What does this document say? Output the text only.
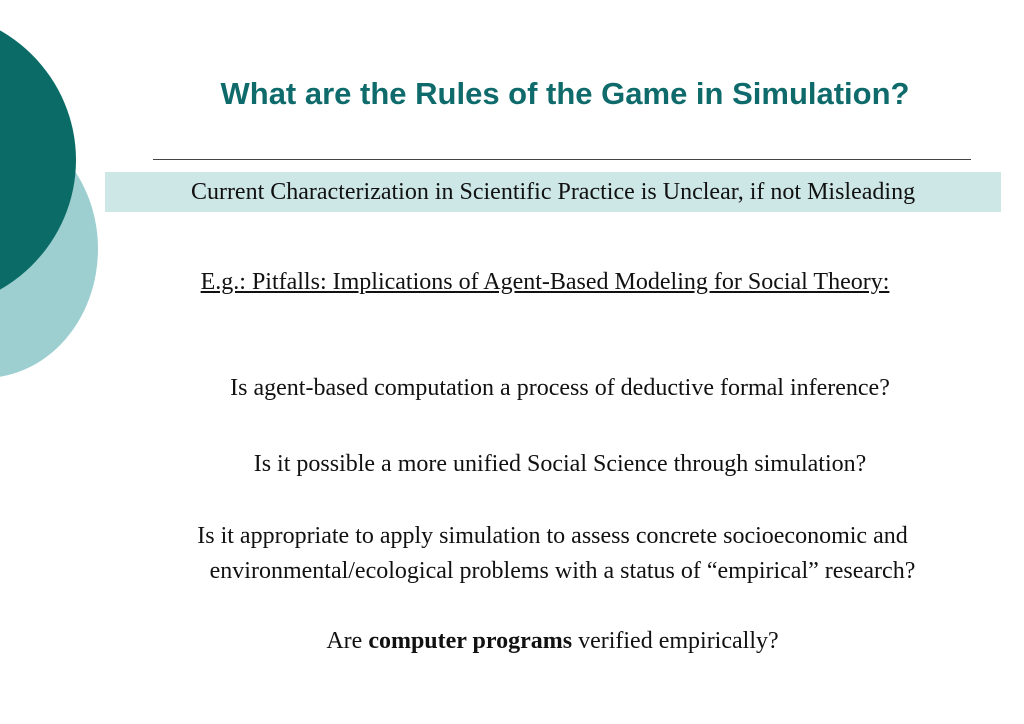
What are the Rules of the Game in Simulation?
Current Characterization in Scientific Practice is Unclear, if not Misleading
E.g.: Pitfalls: Implications of Agent-Based Modeling for Social Theory:
Is agent-based computation a process of deductive formal inference?
Is it possible a more unified Social Science through simulation?
Is it appropriate to apply simulation to assess concrete socioeconomic and
environmental/ecological problems with a status of “empirical” research?
Are computer programs verified empirically?
